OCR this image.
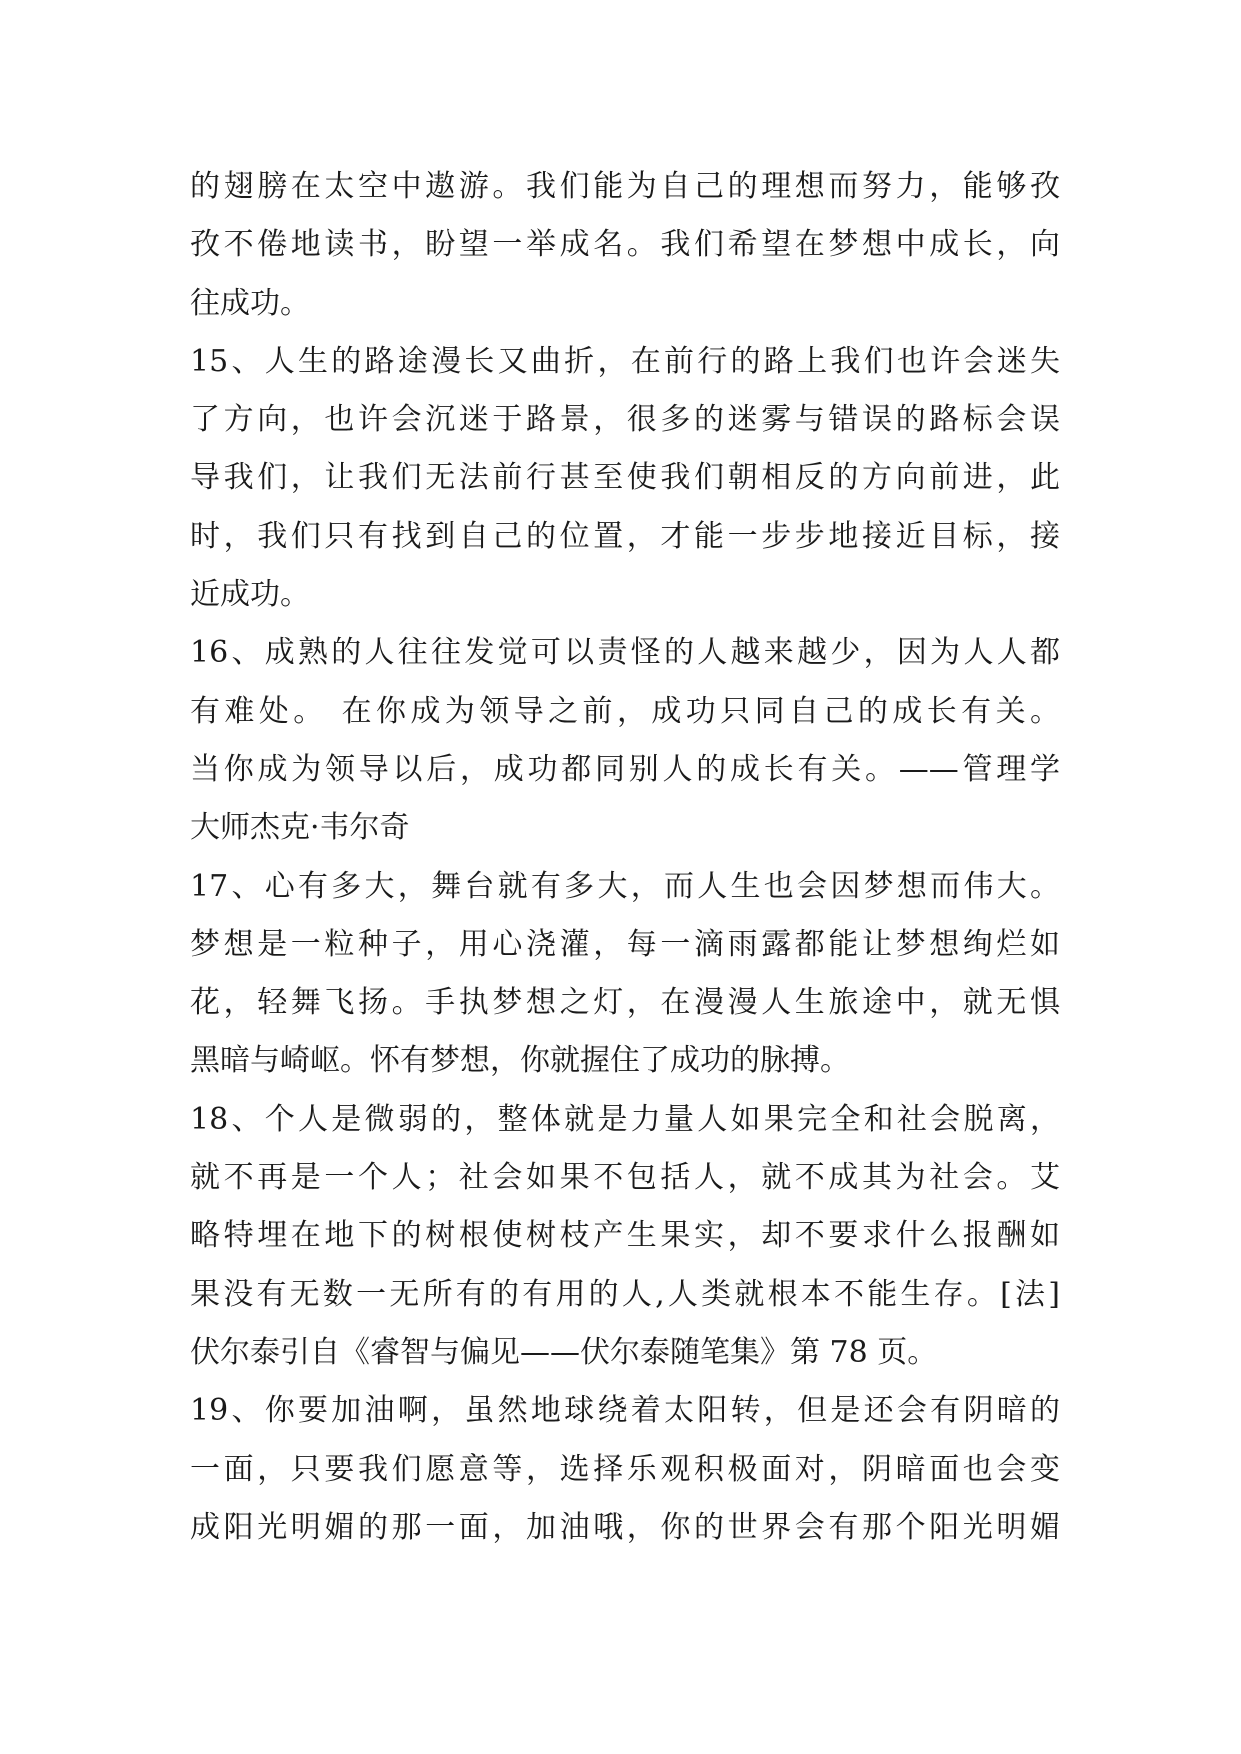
的翅膀在太空中遨游。我们能为自己的理想而努力，能够孜
孜不倦地读书，盼望一举成名。我们希望在梦想中成长，向
往成功。
15、人生的路途漫长又曲折，在前行的路上我们也许会迷失
了方向，也许会沉迷于路景，很多的迷雾与错误的路标会误
导我们，让我们无法前行甚至使我们朝相反的方向前进，此
时，我们只有找到自己的位置，才能一步步地接近目标，接
近成功。
16、成熟的人往往发觉可以责怪的人越来越少，因为人人都
有难处。 在你成为领导之前，成功只同自己的成长有关。
当你成为领导以后，成功都同别人的成长有关。——管理学
大师杰克·韦尔奇
17、心有多大，舞台就有多大，而人生也会因梦想而伟大。
梦想是一粒种子，用心浇灌，每一滴雨露都能让梦想绚烂如
花，轻舞飞扬。手执梦想之灯，在漫漫人生旅途中，就无惧
黑暗与崎岖。怀有梦想，你就握住了成功的脉搏。
18、个人是微弱的，整体就是力量人如果完全和社会脱离，
就不再是一个人；社会如果不包括人，就不成其为社会。艾
略特埋在地下的树根使树枝产生果实，却不要求什么报酬如
果没有无数一无所有的有用的人,人类就根本不能生存。[法]
伏尔泰引自《睿智与偏见——伏尔泰随笔集》第 78 页。
19、你要加油啊，虽然地球绕着太阳转，但是还会有阴暗的
一面，只要我们愿意等，选择乐观积极面对，阴暗面也会变
成阳光明媚的那一面，加油哦，你的世界会有那个阳光明媚
